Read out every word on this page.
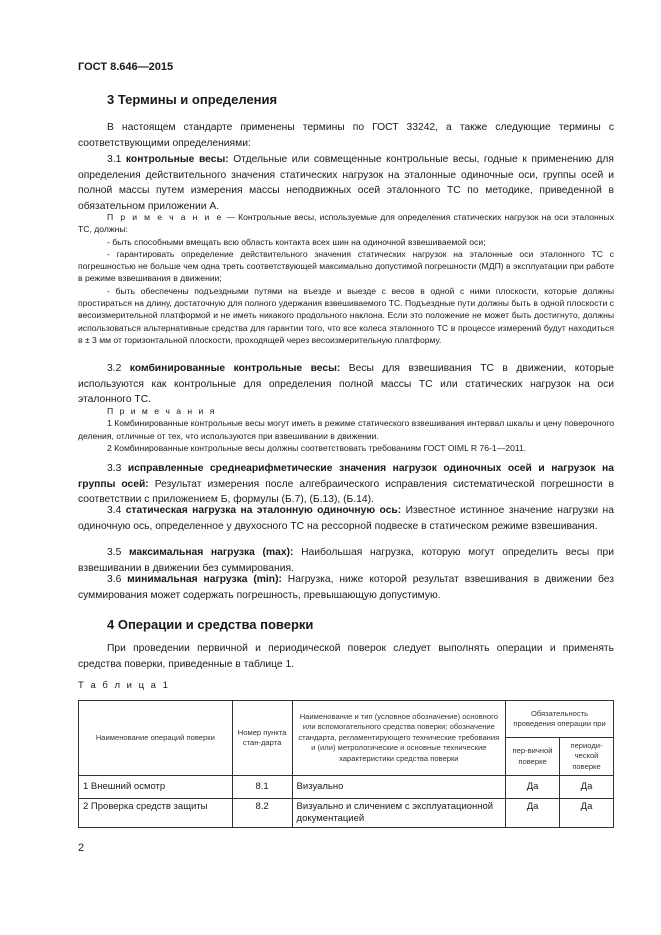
ГОСТ 8.646—2015
3 Термины и определения

В настоящем стандарте применены термины по ГОСТ 33242, а также следующие термины с соответствующими определениями:

3.1 контрольные весы: Отдельные или совмещенные контрольные весы, годные к применению для определения действительного значения статических нагрузок на эталонные одиночные оси, группы осей и полной массы путем измерения массы неподвижных осей эталонного ТС по методике, приведенной в обязательном приложении А.

П р и м е ч а н и е — Контрольные весы, используемые для определения статических нагрузок на оси эталонных ТС, должны:
- быть способными вмещать всю область контакта всех шин на одиночной взвешиваемой оси;
- гарантировать определение действительного значения статических нагрузок на эталонные оси эталонного ТС с погрешностью не больше чем одна треть соответствующей максимально допустимой погрешности (МДП) в эксплуатации при работе в режиме взвешивания в движении;
- быть обеспечены подъездными путями на въезде и выезде с весов в одной с ними плоскости, которые должны простираться на длину, достаточную для полного удержания взвешиваемого ТС. Подъездные пути должны быть в одной плоскости с весоизмерительной платформой и не иметь никакого продольного наклона. Если это положение не может быть достигнуто, должны использоваться альтернативные средства для гарантии того, что все колеса эталонного ТС в процессе измерений будут находиться в ± 3 мм от горизонтальной плоскости, проходящей через весоизмерительную платформу.

3.2 комбинированные контрольные весы: Весы для взвешивания ТС в движении, которые используются как контрольные для определения полной массы ТС или статических нагрузок на оси эталонного ТС.

П р и м е ч а н и я
1 Комбинированные контрольные весы могут иметь в режиме статического взвешивания интервал шкалы и цену поверочного деления, отличные от тех, что используются при взвешивании в движении.
2 Комбинированные контрольные весы должны соответствовать требованиям ГОСТ OIML R 76-1—2011.

3.3 исправленные среднеарифметические значения нагрузок одиночных осей и нагрузок на группы осей: Результат измерения после алгебраического исправления систематической погрешности в соответствии с приложением Б, формулы (Б.7), (Б.13), (Б.14).

3.4 статическая нагрузка на эталонную одиночную ось: Известное истинное значение нагрузки на одиночную ось, определенное у двухосного ТС на рессорной подвеске в статическом режиме взвешивания.

3.5 максимальная нагрузка (max): Наибольшая нагрузка, которую могут определить весы при взвешивании в движении без суммирования.

3.6 минимальная нагрузка (min): Нагрузка, ниже которой результат взвешивания в движении без суммирования может содержать погрешность, превышающую допустимую.

4 Операции и средства поверки

При проведении первичной и периодической поверок следует выполнять операции и применять средства поверки, приведенные в таблице 1.

Т а б л и ц а 1
Наименование операций поверки	Номер пункта стан-дарта	Наименование и тип (условное обозначение) основного или вспомогательного средства поверки; обозначение стандарта, регламентирующего технические требования и (или) метрологические и основные технические характеристики средства поверки	Обязательность проведения операции при	
			пер-вичной поверке	периоди-ческой поверке
1 Внешний осмотр	8.1	Визуально	Да	Да
2 Проверка средств защиты	8.2	Визуально и сличением с эксплуатационной документацией	Да	Да
2
